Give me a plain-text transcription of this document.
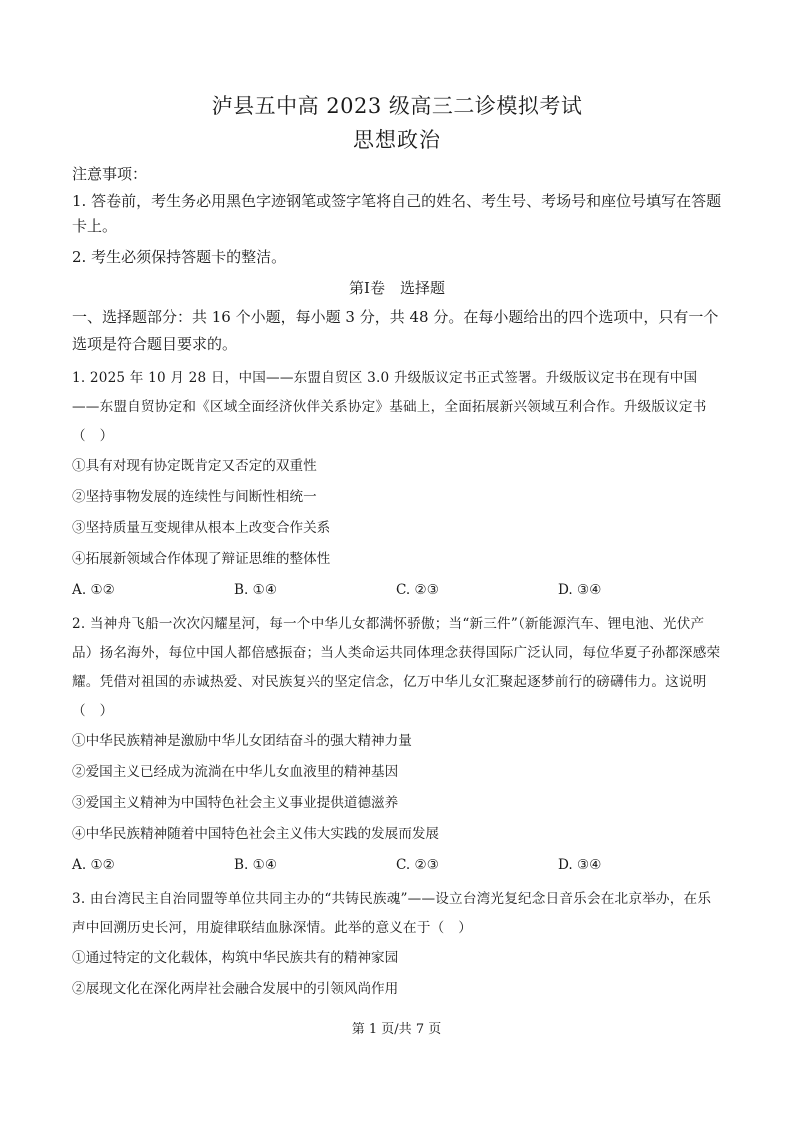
泸县五中高 2023 级高三二诊模拟考试
思想政治

注意事项：

1. 答卷前，考生务必用黑色字迹钢笔或签字笔将自己的姓名、考生号、考场号和座位号填写在答题卡上。

2. 考生必须保持答题卡的整洁。

第Ⅰ卷　选择题

一、选择题部分：共 16 个小题，每小题 3 分，共 48 分。在每小题给出的四个选项中，只有一个选项是符合题目要求的。

1. 2025 年 10 月 28 日，中国——东盟自贸区 3.0 升级版议定书正式签署。升级版议定书在现有中国——东盟自贸协定和《区域全面经济伙伴关系协定》基础上，全面拓展新兴领域互利合作。升级版议定书（　）

①具有对现有协定既肯定又否定的双重性

②坚持事物发展的连续性与间断性相统一

③坚持质量互变规律从根本上改变合作关系

④拓展新领域合作体现了辩证思维的整体性

A. ①②	B. ①④	C. ②③	D. ③④

2. 当神舟飞船一次次闪耀星河，每一个中华儿女都满怀骄傲；当“新三件”（新能源汽车、锂电池、光伏产品）扬名海外，每位中国人都倍感振奋；当人类命运共同体理念获得国际广泛认同，每位华夏子孙都深感荣耀。凭借对祖国的赤诚热爱、对民族复兴的坚定信念，亿万中华儿女汇聚起逐梦前行的磅礴伟力。这说明（　）

①中华民族精神是激励中华儿女团结奋斗的强大精神力量

②爱国主义已经成为流淌在中华儿女血液里的精神基因

③爱国主义精神为中国特色社会主义事业提供道德滋养

④中华民族精神随着中国特色社会主义伟大实践的发展而发展

A. ①②	B. ①④	C. ②③	D. ③④

3. 由台湾民主自治同盟等单位共同主办的“共铸民族魂”——设立台湾光复纪念日音乐会在北京举办，在乐声中回溯历史长河，用旋律联结血脉深情。此举的意义在于（　）

①通过特定的文化载体，构筑中华民族共有的精神家园

②展现文化在深化两岸社会融合发展中的引领风尚作用

第 1 页/共 7 页
